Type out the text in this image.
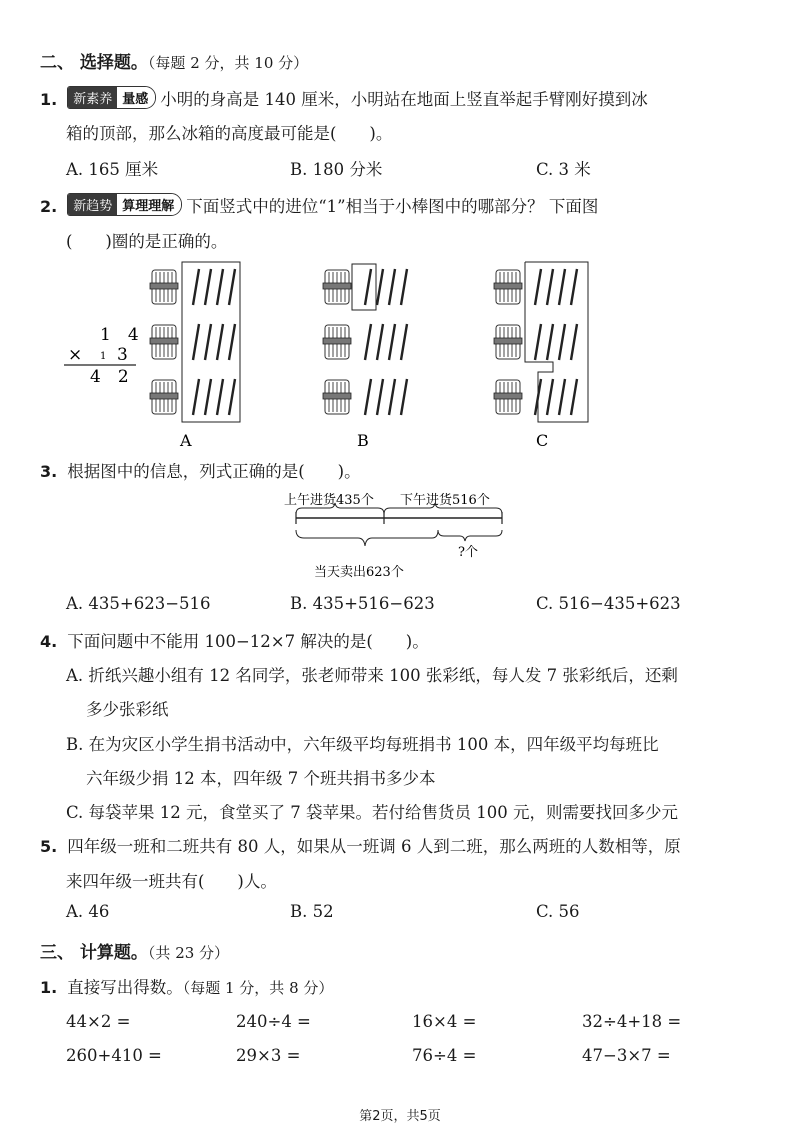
二、 选择题。（每题 2 分，共 10 分）
1.	新素养 量感 小明的身高是 140 厘米，小明站在地面上竖直举起手臂刚好摸到冰
箱的顶部，那么冰箱的高度最可能是(　　)。
A. 165 厘米	B. 180 分米	C. 3 米
2.	新趋势 算理理解 下面竖式中的进位“1”相当于小棒图中的哪部分？ 下面图
(　　)圈的是正确的。
1　4
× 1 3
4　2
A	B	C
3. 根据图中的信息，列式正确的是(　　)。
上午进货435个 下午进货516个
?个
当天卖出623个
A. 435+623−516	B. 435+516−623	C. 516−435+623
4. 下面问题中不能用 100−12×7 解决的是(　　)。
A. 折纸兴趣小组有 12 名同学，张老师带来 100 张彩纸，每人发 7 张彩纸后，还剩
多少张彩纸
B. 在为灾区小学生捐书活动中，六年级平均每班捐书 100 本，四年级平均每班比
六年级少捐 12 本，四年级 7 个班共捐书多少本
C. 每袋苹果 12 元，食堂买了 7 袋苹果。若付给售货员 100 元，则需要找回多少元
5. 四年级一班和二班共有 80 人，如果从一班调 6 人到二班，那么两班的人数相等，原
来四年级一班共有(　　)人。
A. 46	B. 52	C. 56
三、 计算题。（共 23 分）
1. 直接写出得数。（每题 1 分，共 8 分）
44×2 =	240÷4 =	16×4 =	32÷4+18 =
260+410 =	29×3 =	76÷4 =	47−3×7 =
第2页，共5页
